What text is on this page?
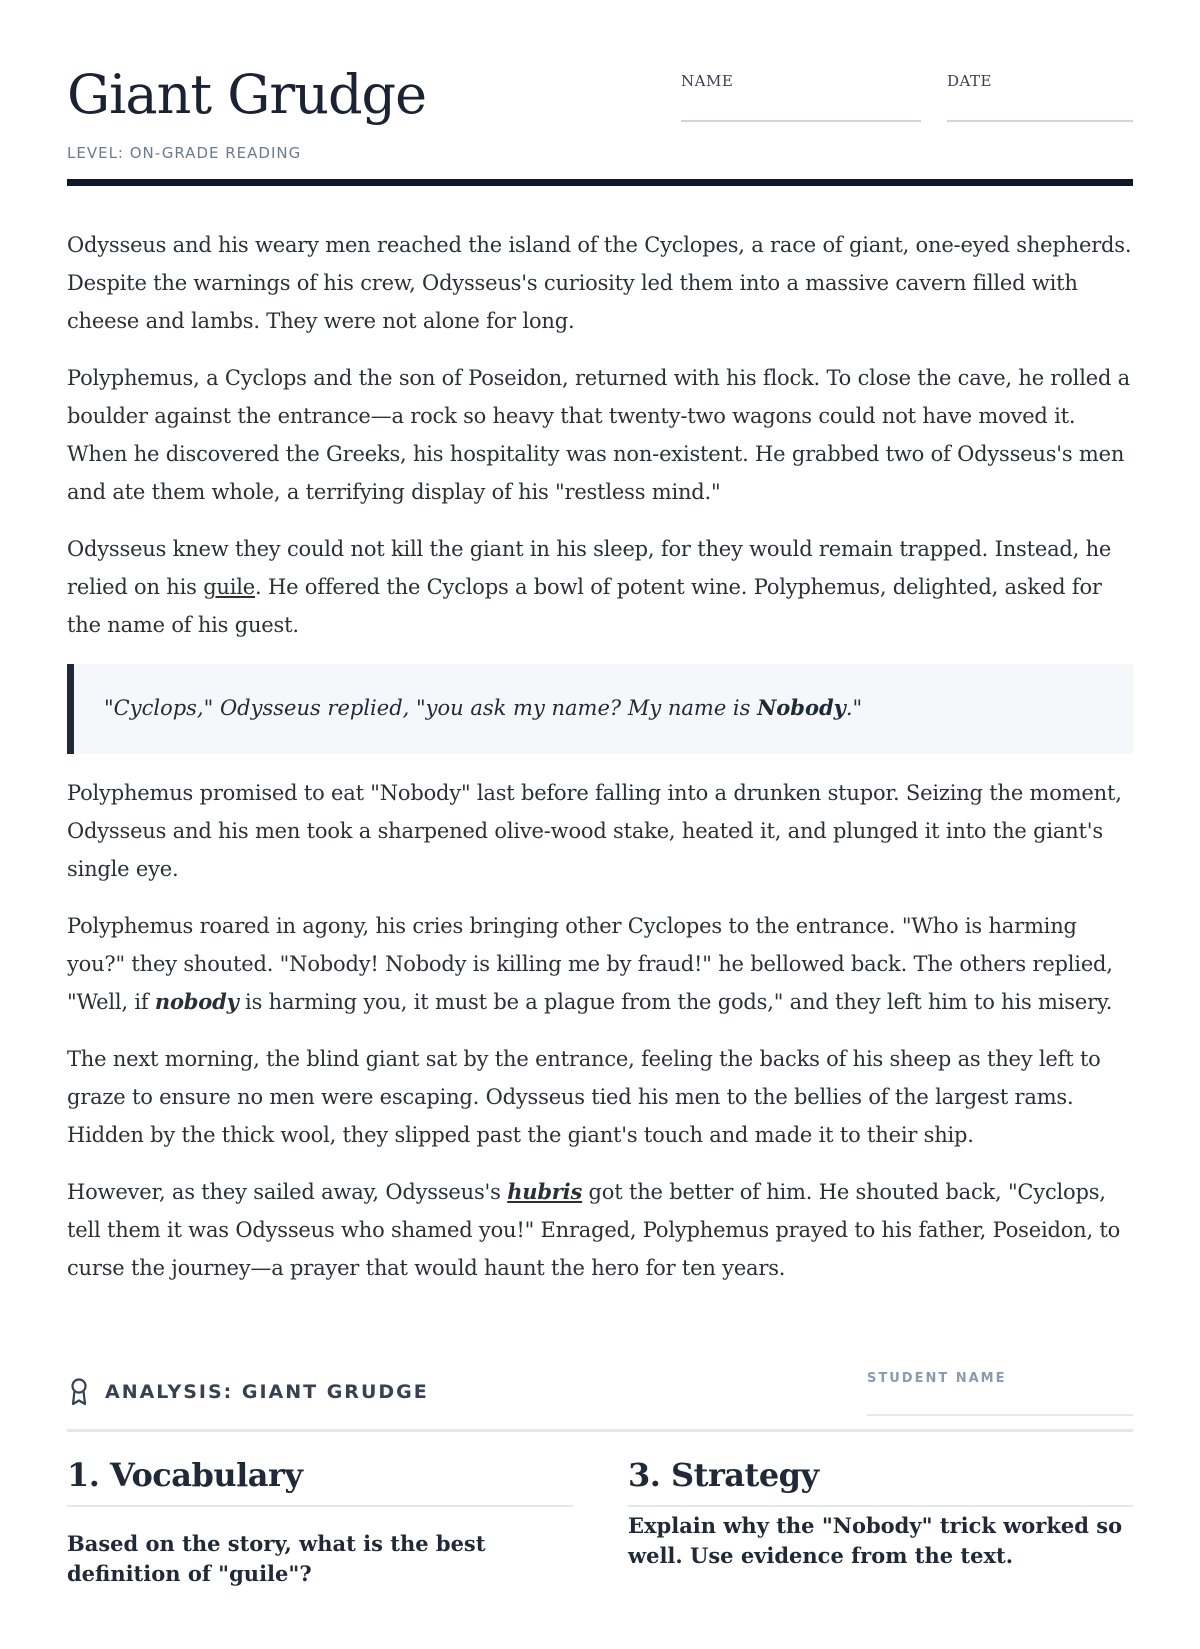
Giant Grudge
LEVEL: ON-GRADE READING
NAME	DATE

Odysseus and his weary men reached the island of the Cyclopes, a race of giant, one-eyed shepherds. Despite the warnings of his crew, Odysseus's curiosity led them into a massive cavern filled with cheese and lambs. They were not alone for long.

Polyphemus, a Cyclops and the son of Poseidon, returned with his flock. To close the cave, he rolled a boulder against the entrance—a rock so heavy that twenty-two wagons could not have moved it. When he discovered the Greeks, his hospitality was non-existent. He grabbed two of Odysseus's men and ate them whole, a terrifying display of his "restless mind."

Odysseus knew they could not kill the giant in his sleep, for they would remain trapped. Instead, he relied on his guile. He offered the Cyclops a bowl of potent wine. Polyphemus, delighted, asked for the name of his guest.

"Cyclops," Odysseus replied, "you ask my name? My name is Nobody."

Polyphemus promised to eat "Nobody" last before falling into a drunken stupor. Seizing the moment, Odysseus and his men took a sharpened olive-wood stake, heated it, and plunged it into the giant's single eye.

Polyphemus roared in agony, his cries bringing other Cyclopes to the entrance. "Who is harming you?" they shouted. "Nobody! Nobody is killing me by fraud!" he bellowed back. The others replied, "Well, if nobody is harming you, it must be a plague from the gods," and they left him to his misery.

The next morning, the blind giant sat by the entrance, feeling the backs of his sheep as they left to graze to ensure no men were escaping. Odysseus tied his men to the bellies of the largest rams. Hidden by the thick wool, they slipped past the giant's touch and made it to their ship.

However, as they sailed away, Odysseus's hubris got the better of him. He shouted back, "Cyclops, tell them it was Odysseus who shamed you!" Enraged, Polyphemus prayed to his father, Poseidon, to curse the journey—a prayer that would haunt the hero for ten years.

ANALYSIS: GIANT GRUDGE
STUDENT NAME
1. Vocabulary
Based on the story, what is the best definition of "guile"?
3. Strategy
Explain why the "Nobody" trick worked so well. Use evidence from the text.
